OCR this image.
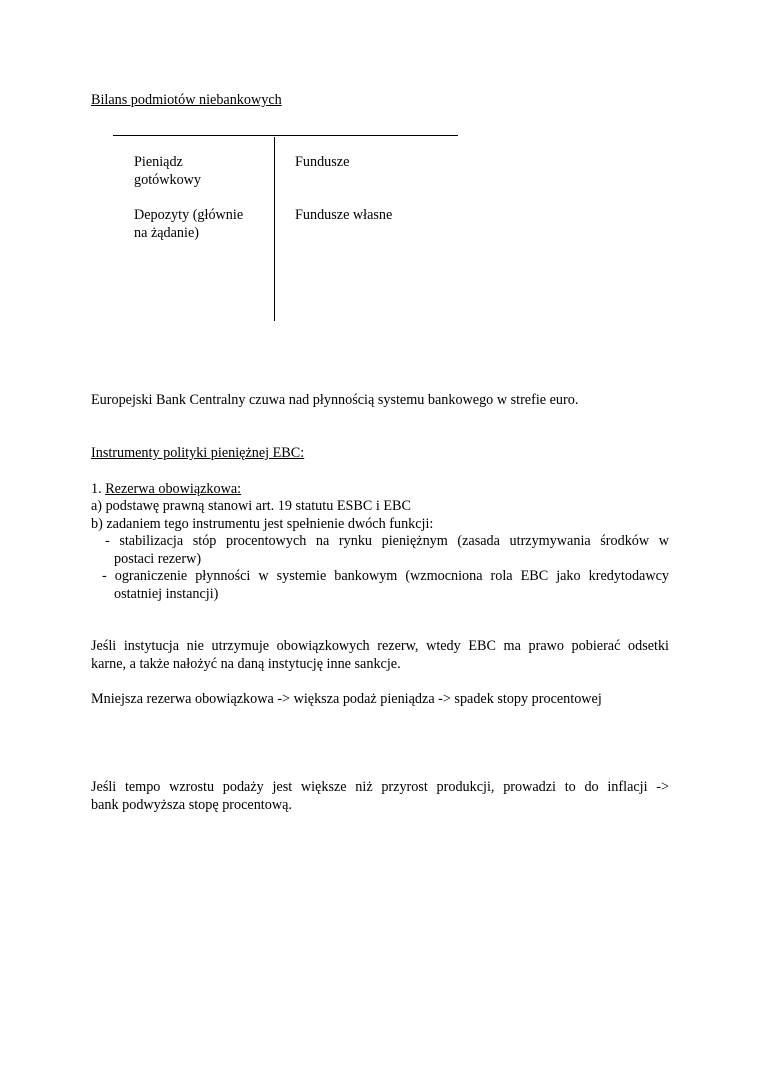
Bilans podmiotów niebankowych
Pieniądz
gotówkowy
Depozyty (głównie
na żądanie)
Fundusze
Fundusze własne
Europejski Bank Centralny czuwa nad płynnością systemu bankowego w strefie euro.
Instrumenty polityki pieniężnej EBC:
1. Rezerwa obowiązkowa:
a) podstawę prawną stanowi art. 19 statutu ESBC i EBC
b) zadaniem tego instrumentu jest spełnienie dwóch funkcji:
- stabilizacja stóp procentowych na rynku pieniężnym (zasada utrzymywania środków w
postaci rezerw)
- ograniczenie płynności w systemie bankowym (wzmocniona rola EBC jako kredytodawcy
ostatniej instancji)
Jeśli instytucja nie utrzymuje obowiązkowych rezerw, wtedy EBC ma prawo pobierać odsetki
karne, a także nałożyć na daną instytucję inne sankcje.
Mniejsza rezerwa obowiązkowa -> większa podaż pieniądza -> spadek stopy procentowej
Jeśli tempo wzrostu podaży jest większe niż przyrost produkcji, prowadzi to do inflacji ->
bank podwyższa stopę procentową.
